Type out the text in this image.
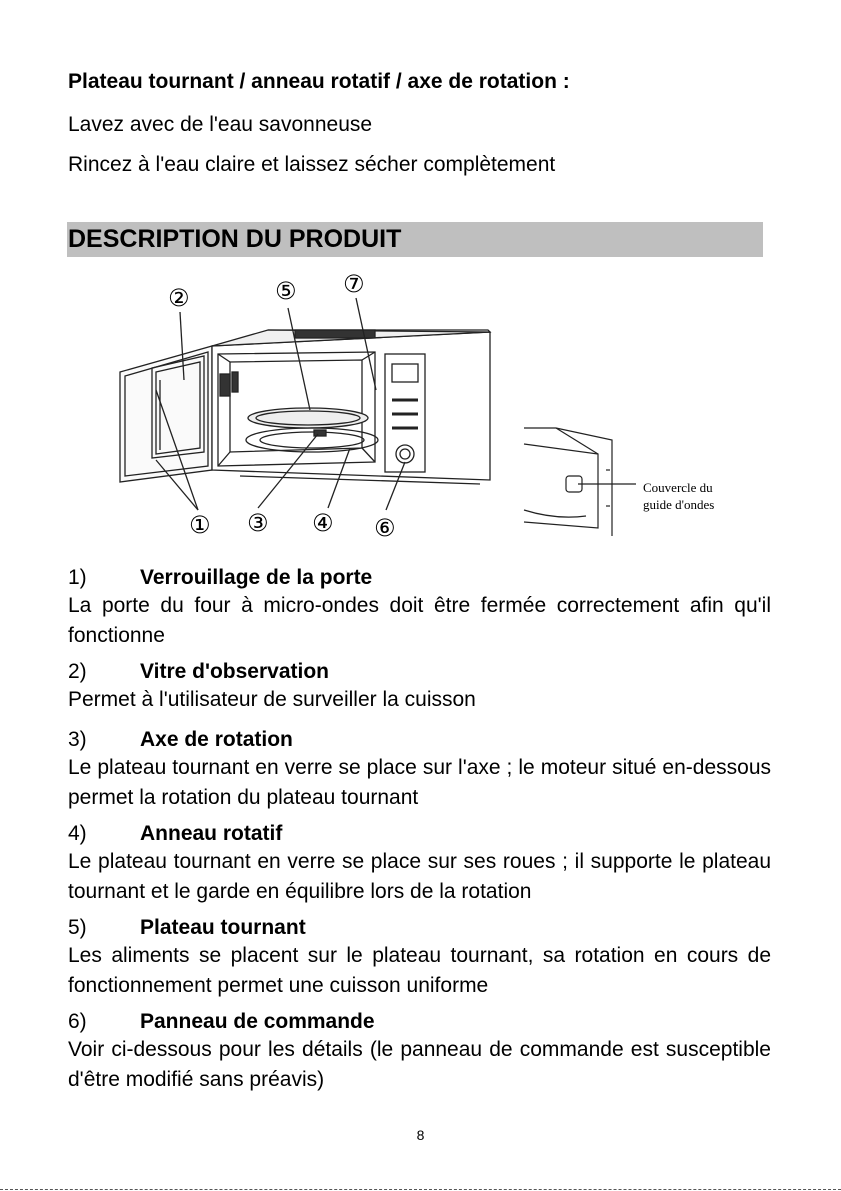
Plateau tournant / anneau rotatif / axe de rotation :
Lavez avec de l'eau savonneuse
Rincez à l'eau claire et laissez sécher complètement
DESCRIPTION DU PRODUIT
②	⑤ ⑦
① ③ ④ ⑥
Couvercle du
guide d'ondes
1)	Verrouillage de la porte
La porte du four à micro-ondes doit être fermée correctement afin qu'il fonctionne
2)	Vitre d'observation
Permet à l'utilisateur de surveiller la cuisson
3)	Axe de rotation
Le plateau tournant en verre se place sur l'axe ; le moteur situé en-dessous permet la rotation du plateau tournant
4)	Anneau rotatif
Le plateau tournant en verre se place sur ses roues ; il supporte le plateau tournant et le garde en équilibre lors de la rotation
5)	Plateau tournant
Les aliments se placent sur le plateau tournant, sa rotation en cours de fonctionnement permet une cuisson uniforme
6)	Panneau de commande
Voir ci-dessous pour les détails (le panneau de commande est susceptible d'être modifié sans préavis)
8
